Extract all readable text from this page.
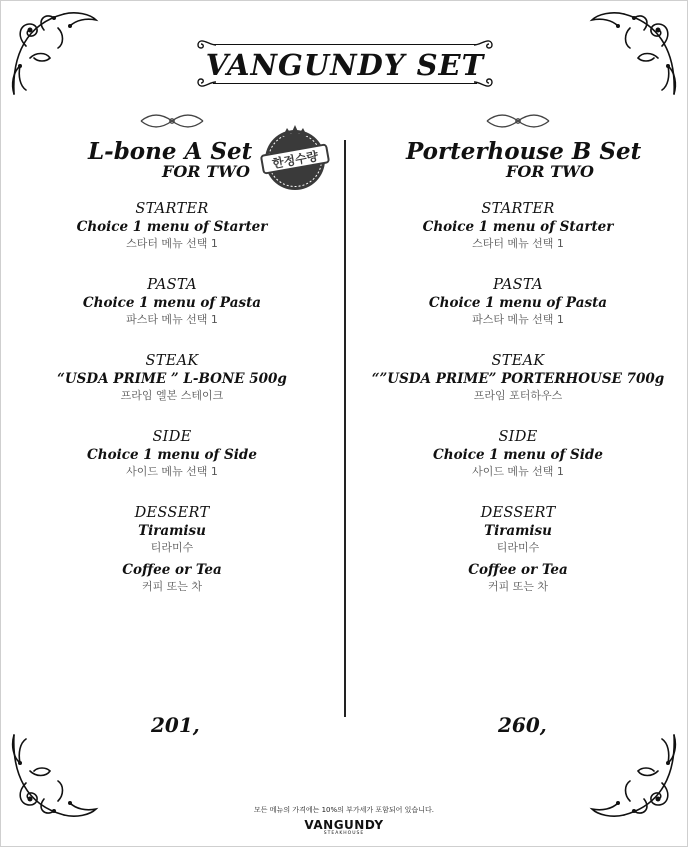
VANGUNDY SET
L-bone A Set
FOR TWO
한정수량
STARTER
Choice 1 menu of Starter
스타터 메뉴 선택 1
PASTA
Choice 1 menu of Pasta
파스타 메뉴 선택 1
STEAK
“USDA PRIME ” L-BONE 500g
프라임 엘본 스테이크
SIDE
Choice 1 menu of Side
사이드 메뉴 선택 1
DESSERT
Tiramisu
티라미수
Coffee or Tea
커피 또는 차
Porterhouse B Set
FOR TWO
STARTER
Choice 1 menu of Starter
스타터 메뉴 선택 1
PASTA
Choice 1 menu of Pasta
파스타 메뉴 선택 1
STEAK
“”USDA PRIME” PORTERHOUSE 700g
프라임 포터하우스
SIDE
Choice 1 menu of Side
사이드 메뉴 선택 1
DESSERT
Tiramisu
티라미수
Coffee or Tea
커피 또는 차
201,	260,
모든 메뉴의 가격에는 10%의 부가세가 포함되어 있습니다.
VANGUNDY
STEAKHOUSE
